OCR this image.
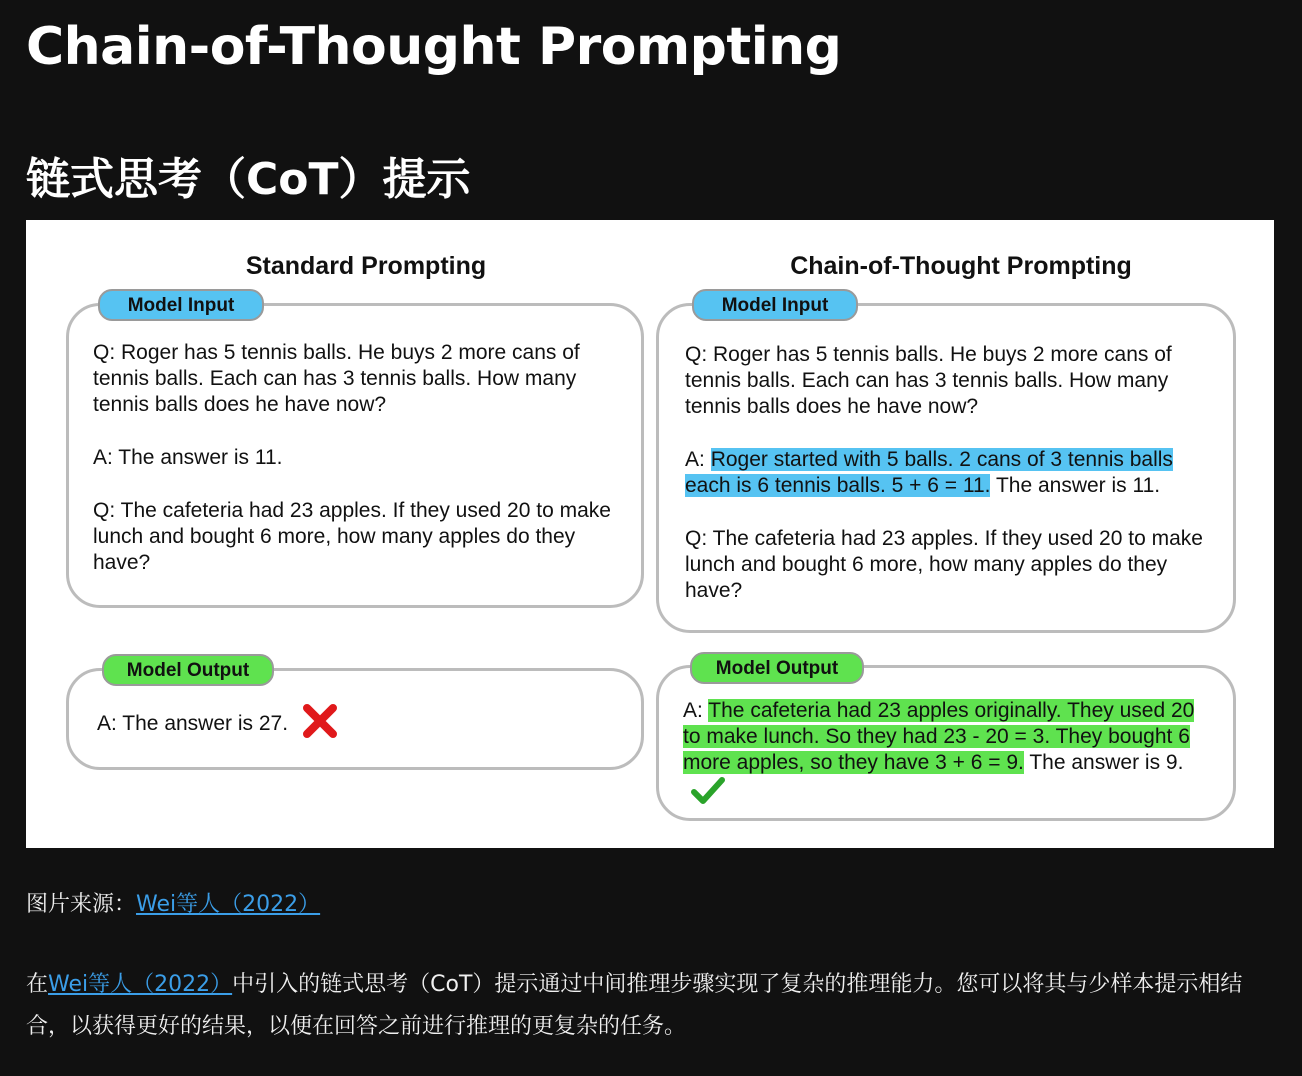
Chain-of-Thought Prompting
链式思考（CoT）提示
Standard Prompting

Q: Roger has 5 tennis balls. He buys 2 more cans of tennis balls. Each can has 3 tennis balls. How many tennis balls does he have now?

A: The answer is 11.

Q: The cafeteria had 23 apples. If they used 20 to make lunch and bought 6 more, how many apples do they have?

Model Input
A: The answer is 27.
Model Output
Chain-of-Thought Prompting

Q: Roger has 5 tennis balls. He buys 2 more cans of tennis balls. Each can has 3 tennis balls. How many tennis balls does he have now?

A: Roger started with 5 balls. 2 cans of 3 tennis balls each is 6 tennis balls. 5 + 6 = 11. The answer is 11.

Q: The cafeteria had 23 apples. If they used 20 to make lunch and bought 6 more, how many apples do they have?

Model Input
A: The cafeteria had 23 apples originally. They used 20 to make lunch. So they had 23 - 20 = 3. They bought 6 more apples, so they have 3 + 6 = 9. The answer is 9.
Model Output
图片来源：Wei等人（2022）
在Wei等人（2022）中引入的链式思考（CoT）提示通过中间推理步骤实现了复杂的推理能力。您可以将其与少样本提示相结合，以获得更好的结果，以便在回答之前进行推理的更复杂的任务。
